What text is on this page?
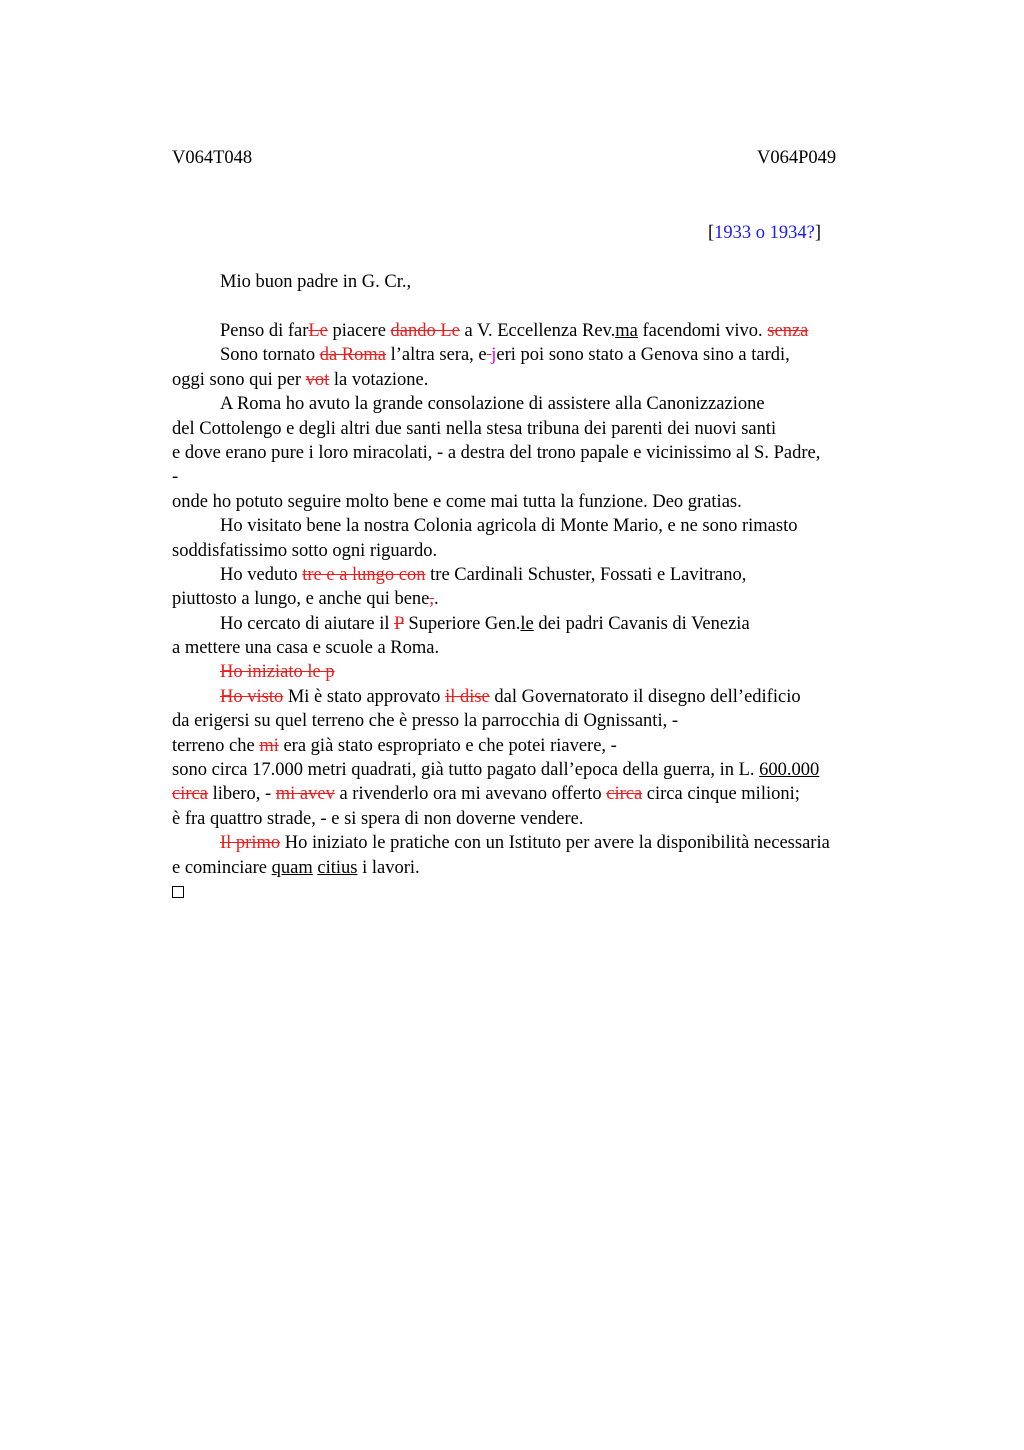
V064T048	V064P049
[1933 o 1934?]
Mio buon padre in G. Cr.,
Penso di farLe piacere dando Le a V. Eccellenza Rev.ma facendomi vivo. senza
Sono tornato da Roma l’altra sera, e jeri poi sono stato a Genova sino a tardi,
oggi sono qui per vot la votazione.
A Roma ho avuto la grande consolazione di assistere alla Canonizzazione
del Cottolengo e degli altri due santi nella stesa tribuna dei parenti dei nuovi santi
e dove erano pure i loro miracolati, - a destra del trono papale e vicinissimo al S. Padre,
-
onde ho potuto seguire molto bene e come mai tutta la funzione. Deo gratias.
Ho visitato bene la nostra Colonia agricola di Monte Mario, e ne sono rimasto
soddisfatissimo sotto ogni riguardo.
Ho veduto tre e a lungo con tre Cardinali Schuster, Fossati e Lavitrano,
piuttosto a lungo, e anche qui bene,.
Ho cercato di aiutare il P Superiore Gen.le dei padri Cavanis di Venezia
a mettere una casa e scuole a Roma.
Ho iniziato le p
Ho visto Mi è stato approvato il dise dal Governatorato il disegno dell’edificio
da erigersi su quel terreno che è presso la parrocchia di Ognissanti, -
terreno che mi era già stato espropriato e che potei riavere, -
sono circa 17.000 metri quadrati, già tutto pagato dall’epoca della guerra, in L. 600.000
circa libero, - mi avev a rivenderlo ora mi avevano offerto circa circa cinque milioni;
è fra quattro strade, - e si spera di non doverne vendere.
Il primo Ho iniziato le pratiche con un Istituto per avere la disponibilità necessaria
e cominciare quam citius i lavori.
